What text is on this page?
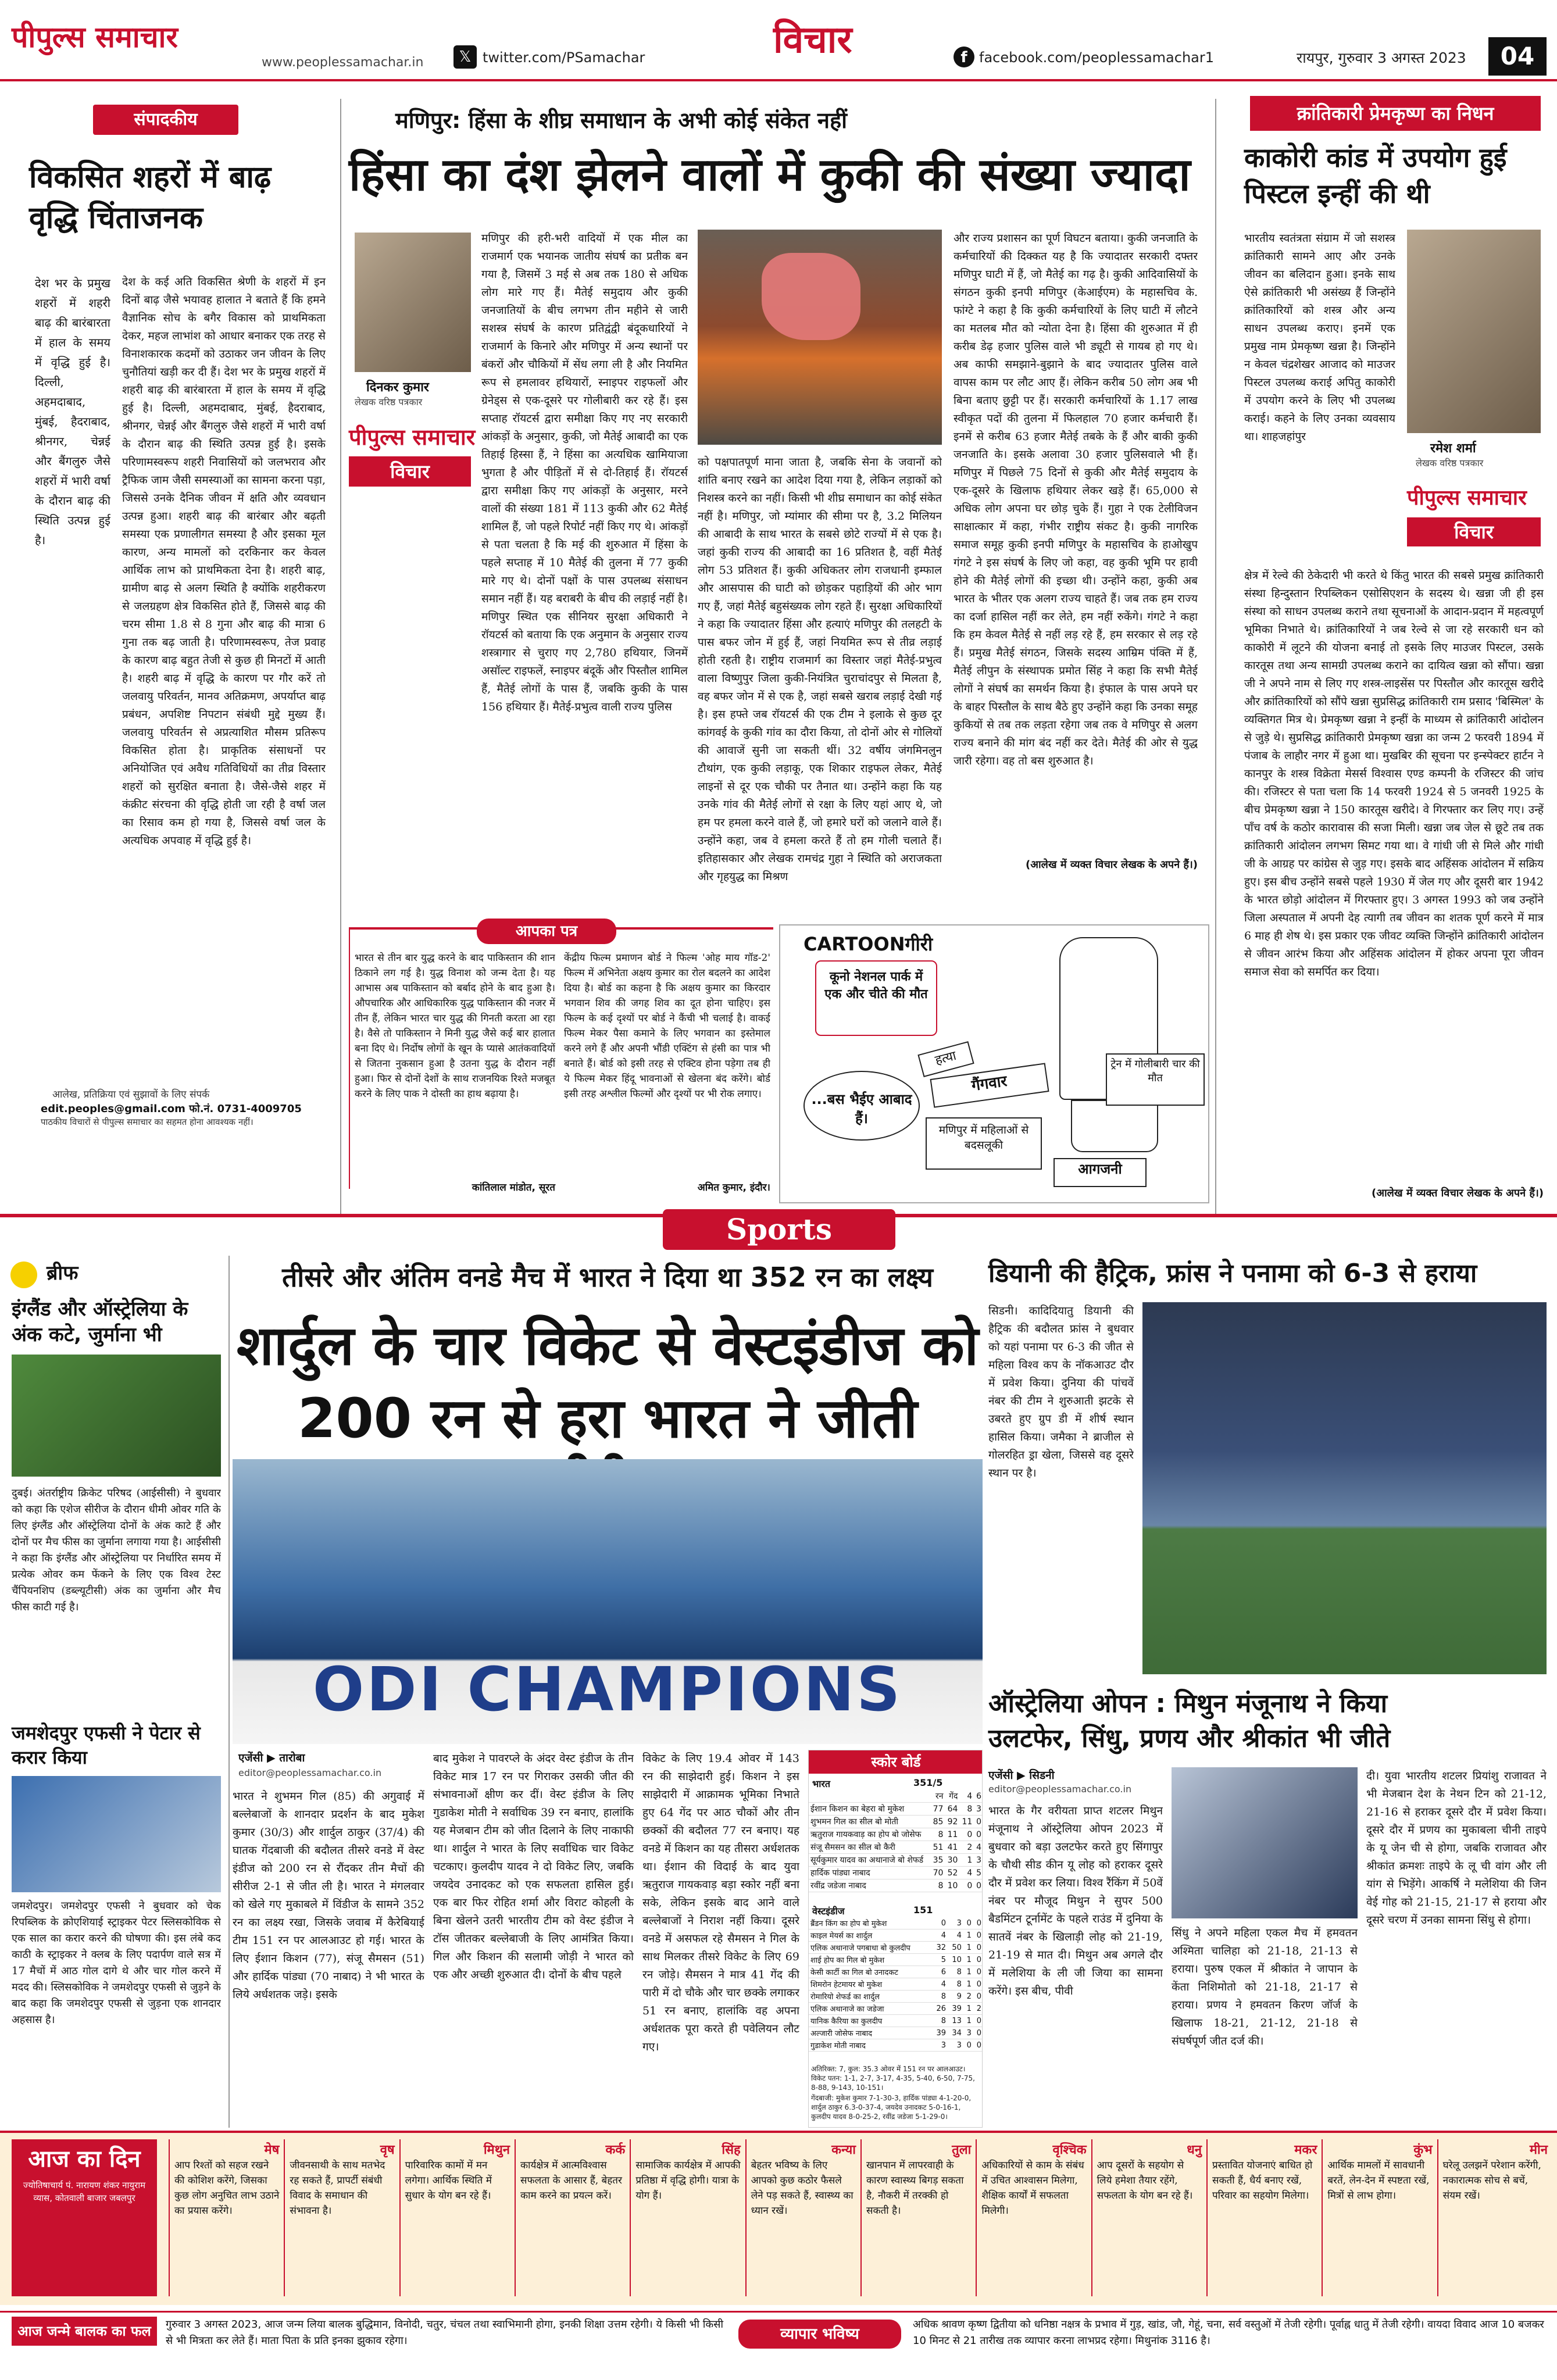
पीपुल्स समाचार
www.peoplessamachar.in	𝕏 twitter.com/PSamachar	विचार	f facebook.com/peoplessamachar1	रायपुर, गुरुवार 3 अगस्त 2023	04
संपादकीय
विकसित शहरों में बाढ़ वृद्धि चिंताजनक
देश भर के प्रमुख शहरों में शहरी बाढ़ की बारंबारता में हाल के समय में वृद्धि हुई है। दिल्ली, अहमदाबाद, मुंबई, हैदराबाद, श्रीनगर, चेन्नई और बैंगलुरु जैसे शहरों में भारी वर्षा के दौरान बाढ़ की स्थिति उत्पन्न हुई है।
देश के कई अति विकसित श्रेणी के शहरों में इन दिनों बाढ़ जैसे भयावह हालात ने बताते हैं कि हमने वैज्ञानिक सोच के बगैर विकास को प्राथमिकता देकर, महज लाभांश को आधार बनाकर एक तरह से विनाशकारक कदमों को उठाकर जन जीवन के लिए चुनौतियां खड़ी कर दी हैं। देश भर के प्रमुख शहरों में शहरी बाढ़ की बारंबारता में हाल के समय में वृद्धि हुई है। दिल्ली, अहमदाबाद, मुंबई, हैदराबाद, श्रीनगर, चेन्नई और बैंगलुरु जैसे शहरों में भारी वर्षा के दौरान बाढ़ की स्थिति उत्पन्न हुई है। इसके परिणामस्वरूप शहरी निवासियों को जलभराव और ट्रैफिक जाम जैसी समस्याओं का सामना करना पड़ा, जिससे उनके दैनिक जीवन में क्षति और व्यवधान उत्पन्न हुआ। शहरी बाढ़ की बारंबार और बढ़ती समस्या एक प्रणालीगत समस्या है और इसका मूल कारण, अन्य मामलों को दरकिनार कर केवल आर्थिक लाभ को प्राथमिकता देना है। शहरी बाढ़, ग्रामीण बाढ़ से अलग स्थिति है क्योंकि शहरीकरण से जलग्रहण क्षेत्र विकसित होते हैं, जिससे बाढ़ की चरम सीमा 1.8 से 8 गुना और बाढ़ की मात्रा 6 गुना तक बढ़ जाती है। परिणामस्वरूप, तेज प्रवाह के कारण बाढ़ बहुत तेजी से कुछ ही मिनटों में आती है। शहरी बाढ़ में वृद्धि के कारण पर गौर करें तो जलवायु परिवर्तन, मानव अतिक्रमण, अपर्याप्त बाढ़ प्रबंधन, अपशिष्ट निपटान संबंधी मुद्दे मुख्य हैं। जलवायु परिवर्तन से अप्रत्याशित मौसम प्रतिरूप विकसित होता है। प्राकृतिक संसाधनों पर अनियोजित एवं अवैध गतिविधियों का तीव्र विस्तार शहरों को सुरक्षित बनाता है। जैसे-जैसे शहर में कंक्रीट संरचना की वृद्धि होती जा रही है वर्षा जल का रिसाव कम हो गया है, जिससे वर्षा जल के अत्यधिक अपवाह में वृद्धि हुई है।
आलेख, प्रतिक्रिया एवं सुझावों के लिए संपर्क
edit.peoples@gmail.com फो.नं. 0731-4009705
पाठकीय विचारों से पीपुल्स समाचार का सहमत होना आवश्यक नहीं।
मणिपुर: हिंसा के शीघ्र समाधान के अभी कोई संकेत नहीं
हिंसा का दंश झेलने वालों में कुकी की संख्या ज्यादा
दिनकर कुमार
लेखक वरिष्ठ पत्रकार
पीपुल्स समाचार
विचार
मणिपुर की हरी-भरी वादियों में एक मील का राजमार्ग एक भयानक जातीय संघर्ष का प्रतीक बन गया है, जिसमें 3 मई से अब तक 180 से अधिक लोग मारे गए हैं। मैतेई समुदाय और कुकी जनजातियों के बीच लगभग तीन महीने से जारी सशस्त्र संघर्ष के कारण प्रतिद्वंद्वी बंदूकधारियों ने राजमार्ग के किनारे और मणिपुर में अन्य स्थानों पर बंकरों और चौकियों में सेंध लगा ली है और नियमित रूप से हमलावर हथियारों, स्नाइपर राइफलों और ग्रेनेड्स से एक-दूसरे पर गोलीबारी कर रहे हैं। इस सप्ताह रॉयटर्स द्वारा समीक्षा किए गए नए सरकारी आंकड़ों के अनुसार, कुकी, जो मैतेई आबादी का एक तिहाई हिस्सा हैं, ने हिंसा का अत्यधिक खामियाजा भुगता है और पीड़ितों में से दो-तिहाई हैं। रॉयटर्स द्वारा समीक्षा किए गए आंकड़ों के अनुसार, मरने वालों की संख्या 181 में 113 कुकी और 62 मैतेई शामिल हैं, जो पहले रिपोर्ट नहीं किए गए थे। आंकड़ों से पता चलता है कि मई की शुरुआत में हिंसा के पहले सप्ताह में 10 मैतेई की तुलना में 77 कुकी मारे गए थे। दोनों पक्षों के पास उपलब्ध संसाधन समान नहीं हैं। यह बराबरी के बीच की लड़ाई नहीं है। मणिपुर स्थित एक सीनियर सुरक्षा अधिकारी ने रॉयटर्स को बताया कि एक अनुमान के अनुसार राज्य शस्त्रागार से चुराए गए 2,780 हथियार, जिनमें असॉल्ट राइफलें, स्नाइपर बंदूकें और पिस्तौल शामिल हैं, मैतेई लोगों के पास हैं, जबकि कुकी के पास 156 हथियार हैं। मैतेई-प्रभुत्व वाली राज्य पुलिस
को पक्षपातपूर्ण माना जाता है, जबकि सेना के जवानों को शांति बनाए रखने का आदेश दिया गया है, लेकिन लड़ाकों को निशस्त्र करने का नहीं। किसी भी शीघ्र समाधान का कोई संकेत नहीं है। मणिपुर, जो म्यांमार की सीमा पर है, 3.2 मिलियन की आबादी के साथ भारत के सबसे छोटे राज्यों में से एक है। जहां कुकी राज्य की आबादी का 16 प्रतिशत है, वहीं मैतेई लोग 53 प्रतिशत हैं। कुकी अधिकतर लोग राजधानी इम्फाल और आसपास की घाटी को छोड़कर पहाड़ियों की ओर भाग गए हैं, जहां मैतेई बहुसंख्यक लोग रहते हैं। सुरक्षा अधिकारियों ने कहा कि ज्यादातर हिंसा और हत्याएं मणिपुर की तलहटी के पास बफर जोन में हुई हैं, जहां नियमित रूप से तीव्र लड़ाई होती रहती है। राष्ट्रीय राजमार्ग का विस्तार जहां मैतेई-प्रभुत्व वाला विष्णुपुर जिला कुकी-नियंत्रित चुराचांदपुर से मिलता है, वह बफर जोन में से एक है, जहां सबसे खराब लड़ाई देखी गई है। इस हफ्ते जब रॉयटर्स की एक टीम ने इलाके से कुछ दूर कांगवई के कुकी गांव का दौरा किया, तो दोनों ओर से गोलियों की आवाजें सुनी जा सकती थीं। 32 वर्षीय जंगमिनलुन टौथांग, एक कुकी लड़ाकू, एक शिकार राइफल लेकर, मैतेई लाइनों से दूर एक चौकी पर तैनात था। उन्होंने कहा कि यह उनके गांव की मैतेई लोगों से रक्षा के लिए यहां आए थे, जो हम पर हमला करने वाले हैं, जो हमारे घरों को जलाने वाले हैं। उन्होंने कहा, जब वे हमला करते हैं तो हम गोली चलाते हैं। इतिहासकार और लेखक रामचंद्र गुहा ने स्थिति को अराजकता और गृहयुद्ध का मिश्रण
और राज्य प्रशासन का पूर्ण विघटन बताया। कुकी जनजाति के कर्मचारियों की दिक्कत यह है कि ज्यादातर सरकारी दफ्तर मणिपुर घाटी में हैं, जो मैतेई का गढ़ है। कुकी आदिवासियों के संगठन कुकी इनपी मणिपुर (केआईएम) के महासचिव के. फांग्टे ने कहा है कि कुकी कर्मचारियों के लिए घाटी में लौटने का मतलब मौत को न्योता देना है। हिंसा की शुरुआत में ही करीब डेढ़ हजार पुलिस वाले भी ड्यूटी से गायब हो गए थे। अब काफी समझाने-बुझाने के बाद ज्यादातर पुलिस वाले वापस काम पर लौट आए हैं। लेकिन करीब 50 लोग अब भी बिना बताए छुट्टी पर हैं। सरकारी कर्मचारियों के 1.17 लाख स्वीकृत पदों की तुलना में फिलहाल 70 हजार कर्मचारी हैं। इनमें से करीब 63 हजार मैतेई तबके के हैं और बाकी कुकी जनजाति के। इसके अलावा 30 हजार पुलिसवाले भी हैं। मणिपुर में पिछले 75 दिनों से कुकी और मैतेई समुदाय के एक-दूसरे के खिलाफ हथियार लेकर खड़े हैं। 65,000 से अधिक लोग अपना घर छोड़ चुके हैं। गुहा ने एक टेलीविजन साक्षात्कार में कहा, गंभीर राष्ट्रीय संकट है। कुकी नागरिक समाज समूह कुकी इनपी मणिपुर के महासचिव के हाओखुप गंगटे ने इस संघर्ष के लिए जो कहा, वह कुकी भूमि पर हावी होने की मैतेई लोगों की इच्छा थी। उन्होंने कहा, कुकी अब भारत के भीतर एक अलग राज्य चाहते हैं। जब तक हम राज्य का दर्जा हासिल नहीं कर लेते, हम नहीं रुकेंगे। गंगटे ने कहा कि हम केवल मैतेई से नहीं लड़ रहे हैं, हम सरकार से लड़ रहे हैं। प्रमुख मैतेई संगठन, जिसके सदस्य आम्रिम पंक्ति में हैं, मैतेई लीपुन के संस्थापक प्रमोत सिंह ने कहा कि सभी मैतेई लोगों ने संघर्ष का समर्थन किया है। इंफाल के पास अपने घर के बाहर पिस्तौल के साथ बैठे हुए उन्होंने कहा कि उनका समूह कुकियों से तब तक लड़ता रहेगा जब तक वे मणिपुर से अलग राज्य बनाने की मांग बंद नहीं कर देते। मैतेई की ओर से युद्ध जारी रहेगा। वह तो बस शुरुआत है।
(आलेख में व्यक्त विचार लेखक के अपने हैं।)
क्रांतिकारी प्रेमकृष्ण का निधन
काकोरी कांड में उपयोग हुई पिस्टल इन्हीं की थी
भारतीय स्वतंत्रता संग्राम में जो सशस्त्र क्रांतिकारी सामने आए और उनके जीवन का बलिदान हुआ। इनके साथ ऐसे क्रांतिकारी भी असंख्य हैं जिन्होंने क्रांतिकारियों को शस्त्र और अन्य साधन उपलब्ध कराए। इनमें एक प्रमुख नाम प्रेमकृष्ण खन्ना है। जिन्होंने न केवल चंद्रशेखर आजाद को माउजर पिस्टल उपलब्ध कराई अपितु काकोरी में उपयोग करने के लिए भी उपलब्ध कराई। कहने के लिए उनका व्यवसाय था। शाहजहांपुर
रमेश शर्मा
लेखक वरिष्ठ पत्रकार
पीपुल्स समाचार
विचार
क्षेत्र में रेल्वे की ठेकेदारी भी करते थे किंतु भारत की सबसे प्रमुख क्रांतिकारी संस्था हिन्दुस्तान रिपब्लिकन एसोसिएशन के सदस्य थे। खन्ना जी ही इस संस्था को साधन उपलब्ध कराने तथा सूचनाओं के आदान-प्रदान में महत्वपूर्ण भूमिका निभाते थे। क्रांतिकारियों ने जब रेल्वे से जा रहे सरकारी धन को काकोरी में लूटने की योजना बनाई तो इसके लिए माउजर पिस्टल, उसके कारतूस तथा अन्य सामग्री उपलब्ध कराने का दायित्व खन्ना को सौंपा। खन्ना जी ने अपने नाम से लिए गए शस्त्र-लाइसेंस पर पिस्तौल और कारतूस खरीदे और क्रांतिकारियों को सौंपे खन्ना सुप्रसिद्ध क्रांतिकारी राम प्रसाद 'बिस्मिल' के व्यक्तिगत मित्र थे। प्रेमकृष्ण खन्ना ने इन्हीं के माध्यम से क्रांतिकारी आंदोलन से जुड़े थे। सुप्रसिद्ध क्रांतिकारी प्रेमकृष्ण खन्ना का जन्म 2 फरवरी 1894 में पंजाब के लाहौर नगर में हुआ था। मुखबिर की सूचना पर इन्स्पेक्टर हार्टन ने कानपुर के शस्त्र विक्रेता मेसर्स विश्वास एण्ड कम्पनी के रजिस्टर की जांच की। रजिस्टर से पता चला कि 14 फरवरी 1924 से 5 जनवरी 1925 के बीच प्रेमकृष्ण खन्ना ने 150 कारतूस खरीदे। वे गिरफ्तार कर लिए गए। उन्हें पाँच वर्ष के कठोर कारावास की सजा मिली। खन्ना जब जेल से छूटे तब तक क्रांतिकारी आंदोलन लगभग सिमट गया था। वे गांधी जी से मिले और गांधी जी के आग्रह पर कांग्रेस से जुड़ गए। इसके बाद अहिंसक आंदोलन में सक्रिय हुए। इस बीच उन्होंने सबसे पहले 1930 में जेल गए और दूसरी बार 1942 के भारत छोड़ो आंदोलन में गिरफ्तार हुए। 3 अगस्त 1993 को जब उन्होंने जिला अस्पताल में अपनी देह त्यागी तब जीवन का शतक पूर्ण करने में मात्र 6 माह ही शेष थे। इस प्रकार एक जीवट व्यक्ति जिन्होंने क्रांतिकारी आंदोलन से जीवन आरंभ किया और अहिंसक आंदोलन में होकर अपना पूरा जीवन समाज सेवा को समर्पित कर दिया।
(आलेख में व्यक्त विचार लेखक के अपने हैं।)
आपका पत्र
भारत से तीन बार युद्ध करने के बाद पाकिस्तान की शान ठिकाने लग गई है। युद्ध विनाश को जन्म देता है। यह आभास अब पाकिस्तान को बर्बाद होने के बाद हुआ है। औपचारिक और आधिकारिक युद्ध पाकिस्तान की नजर में तीन हैं, लेकिन भारत चार युद्ध की गिनती करता आ रहा है। वैसे तो पाकिस्तान ने मिनी युद्ध जैसे कई बार हालात बना दिए थे। निर्दोष लोगों के खून के प्यासे आतंकवादियों से जितना नुकसान हुआ है उतना युद्ध के दौरान नहीं हुआ। फिर से दोनों देशों के साथ राजनयिक रिश्ते मजबूत करने के लिए पाक ने दोस्ती का हाथ बढ़ाया है।
कांतिलाल मांडोत, सूरत
केंद्रीय फिल्म प्रमाणन बोर्ड ने फिल्म 'ओह माय गॉड-2' फिल्म में अभिनेता अक्षय कुमार का रोल बदलने का आदेश दिया है। बोर्ड का कहना है कि अक्षय कुमार का किरदार भगवान शिव की जगह शिव का दूत होना चाहिए। इस फिल्म के कई दृश्यों पर बोर्ड ने कैंची भी चलाई है। वाकई फिल्म मेकर पैसा कमाने के लिए भगवान का इस्तेमाल करने लगे हैं और अपनी भौंडी एक्टिंग से हंसी का पात्र भी बनाते हैं। बोर्ड को इसी तरह से एक्टिव होना पड़ेगा तब ही ये फिल्म मेकर हिंदू भावनाओं से खेलना बंद करेंगे। बोर्ड इसी तरह अश्लील फिल्मों और दृश्यों पर भी रोक लगाए।
अमित कुमार, इंदौर।
CARTOONगीरी
कूनो नेशनल पार्क में एक और चीते की मौत
...बस भैईए आबाद हैं।
गैंगवार
हत्या
मणिपुर में महिलाओं से बदसलूकी
आगजनी
ट्रेन में गोलीबारी चार की मौत
Sports
ब्रीफ
इंग्लैंड और ऑस्ट्रेलिया के अंक कटे, जुर्माना भी
दुबई। अंतर्राष्ट्रीय क्रिकेट परिषद (आईसीसी) ने बुधवार को कहा कि एशेज सीरीज के दौरान धीमी ओवर गति के लिए इंग्लैंड और ऑस्ट्रेलिया दोनों के अंक काटे हैं और दोनों पर मैच फीस का जुर्माना लगाया गया है। आईसीसी ने कहा कि इंग्लैंड और ऑस्ट्रेलिया पर निर्धारित समय में प्रत्येक ओवर कम फेंकने के लिए एक विश्व टेस्ट चैंपियनशिप (डब्ल्यूटीसी) अंक का जुर्माना और मैच फीस काटी गई है।
जमशेदपुर एफसी ने पेटार से करार किया
जमशेदपुर। जमशेदपुर एफसी ने बुधवार को चेक रिपब्लिक के क्रोएशियाई स्ट्राइकर पेटर स्लिसकोविक से एक साल का करार करने की घोषणा की। इस लंबे कद काठी के स्ट्राइकर ने क्लब के लिए पदार्पण वाले सत्र में 17 मैचों में आठ गोल दागे थे और चार गोल करने में मदद की। स्लिसकोविक ने जमशेदपुर एफसी से जुड़ने के बाद कहा कि जमशेदपुर एफसी से जुड़ना एक शानदार अहसास है।
तीसरे और अंतिम वनडे मैच में भारत ने दिया था 352 रन का लक्ष्य
शार्दुल के चार विकेट से वेस्टइंडीज को
200 रन से हरा भारत ने जीती
ODI CHAMPIONS
एजेंसी ▶ तारोबा
editor@peoplessamachar.co.in
भारत ने शुभमन गिल (85) की अगुवाई में बल्लेबाजों के शानदार प्रदर्शन के बाद मुकेश कुमार (30/3) और शार्दुल ठाकुर (37/4) की घातक गेंदबाजी की बदौलत तीसरे वनडे में वेस्ट इंडीज को 200 रन से रौंदकर तीन मैचों की सीरीज 2-1 से जीत ली है। भारत ने मंगलवार को खेले गए मुकाबले में विंडीज के सामने 352 रन का लक्ष्य रखा, जिसके जवाब में कैरेबियाई टीम 151 रन पर आलआउट हो गई। भारत के लिए ईशान किशन (77), संजू सैमसन (51) और हार्दिक पांड्या (70 नाबाद) ने भी भारत के लिये अर्धशतक जड़े। इसके
बाद मुकेश ने पावरप्ले के अंदर वेस्ट इंडीज के तीन विकेट मात्र 17 रन पर गिराकर उसकी जीत की संभावनाओं क्षीण कर दीं। वेस्ट इंडीज के लिए गुडाकेश मोती ने सर्वाधिक 39 रन बनाए, हालांकि यह मेजबान टीम को जीत दिलाने के लिए नाकाफी था। शार्दुल ने भारत के लिए सर्वाधिक चार विकेट चटकाए। कुलदीप यादव ने दो विकेट लिए, जबकि जयदेव उनादकट को एक सफलता हासिल हुई। एक बार फिर रोहित शर्मा और विराट कोहली के बिना खेलने उतरी भारतीय टीम को वेस्ट इंडीज ने टॉस जीतकर बल्लेबाजी के लिए आमंत्रित किया। गिल और किशन की सलामी जोड़ी ने भारत को एक और अच्छी शुरुआत दी। दोनों के बीच पहले
विकेट के लिए 19.4 ओवर में 143 रन की साझेदारी हुई। किशन ने इस साझेदारी में आक्रामक भूमिका निभाते हुए 64 गेंद पर आठ चौकों और तीन छक्कों की बदौलत 77 रन बनाए। यह वनडे में किशन का यह तीसरा अर्धशतक था। ईशान की विदाई के बाद युवा ऋतुराज गायकवाड़ बड़ा स्कोर नहीं बना सके, लेकिन इसके बाद आने वाले बल्लेबाजों ने निराश नहीं किया। दूसरे वनडे में असफल रहे सैमसन ने गिल के साथ मिलकर तीसरे विकेट के लिए 69 रन जोड़े। सैमसन ने मात्र 41 गेंद की पारी में दो चौके और चार छक्के लगाकर 51 रन बनाए, हालांकि वह अपना अर्धशतक पूरा करते ही पवेलियन लौट गए।
स्कोर बोर्ड
भारत	351/5
	रन	गेंद	4	6
ईशान किशन का बेहरा बो मुकेश	77	64	8	3
शुभमन गिल का सील बो मोती	85	92	11	0
ऋतुराज गायकवाड़ का होप बो जोसेफ	8	11	0	0
संजू सैमसन का सील बो कैरी	51	41	2	4
सूर्यकुमार यादव का अथानाजे बो शेफर्ड	35	30	1	3
हार्दिक पांड्या नाबाद	70	52	4	5
रवींद्र जडेजा नाबाद	8	10	0	0
वेस्टइंडीज	151
ब्रैंडन किंग का होप बो मुकेश	0	3	0	0
काइल मेयर्स का शार्दुल	4	4	1	0
एलिक अथानाजे पगबाधा बो कुलदीप	32	50	1	0
शाई होप का गिल बो मुकेश	5	10	1	0
केसी कार्टी का गिल बो उनादकट	6	8	1	0
शिमरोन हेटमायर बो मुकेश	4	8	1	0
रोमारियो शेफर्ड का शार्दुल	8	9	2	0
एलिक अथानाजे का जडेजा	26	39	1	2
यानिक कैरिया का कुलदीप	8	13	1	0
अल्जारी जोसेफ नाबाद	39	34	3	0
गुडाकेश मोती नाबाद	3	3	0	0
अतिरिक्त: 7, कुल: 35.3 ओवर में 151 रन पर आलआउट। विकेट पतन: 1-1, 2-7, 3-17, 4-35, 5-40, 6-50, 7-75, 8-88, 9-143, 10-151।
गेंदबाजी: मुकेश कुमार 7-1-30-3, हार्दिक पांड्या 4-1-20-0, शार्दुल ठाकुर 6.3-0-37-4, जयदेव उनादकट 5-0-16-1, कुलदीप यादव 8-0-25-2, रवींद्र जडेजा 5-1-29-0।
डियानी की हैट्रिक, फ्रांस ने पनामा को 6-3 से हराया
सिडनी। कादिदियातु डियानी की हैट्रिक की बदौलत फ्रांस ने बुधवार को यहां पनामा पर 6-3 की जीत से महिला विश्व कप के नॉकआउट दौर में प्रवेश किया। दुनिया की पांचवें नंबर की टीम ने शुरुआती झटके से उबरते हुए ग्रुप डी में शीर्ष स्थान हासिल किया। जमैका ने ब्राजील से गोलरहित ड्रा खेला, जिससे वह दूसरे स्थान पर है।
ऑस्ट्रेलिया ओपन : मिथुन मंजूनाथ ने किया
उलटफेर, सिंधु, प्रणय और श्रीकांत भी जीते
एजेंसी ▶ सिडनी
editor@peoplessamachar.co.in
भारत के गैर वरीयता प्राप्त शटलर मिथुन मंजूनाथ ने ऑस्ट्रेलिया ओपन 2023 में बुधवार को बड़ा उलटफेर करते हुए सिंगापुर के चौथी सीड कीन यू लोह को हराकर दूसरे दौर में प्रवेश कर लिया। विश्व रैंकिंग में 50वें नंबर पर मौजूद मिथुन ने सुपर 500 बैडमिंटन टूर्नामेंट के पहले राउंड में दुनिया के सातवें नंबर के खिलाड़ी लोह को 21-19, 21-19 से मात दी। मिथुन अब अगले दौर में मलेशिया के ली जी जिया का सामना करेंगे। इस बीच, पीवी
सिंधु ने अपने महिला एकल मैच में हमवतन अश्मिता चालिहा को 21-18, 21-13 से हराया। पुरुष एकल में श्रीकांत ने जापान के केंता निशिमोतो को 21-18, 21-17 से हराया। प्रणय ने हमवतन किरण जॉर्ज के खिलाफ 18-21, 21-12, 21-18 से संघर्षपूर्ण जीत दर्ज की।
दी। युवा भारतीय शटलर प्रियांशु राजावत ने भी मेजबान देश के नेथन टिन को 21-12, 21-16 से हराकर दूसरे दौर में प्रवेश किया। दूसरे दौर में प्रणय का मुकाबला चीनी ताइपे के यू जेन ची से होगा, जबकि राजावत और श्रीकांत क्रमशः ताइपे के लू ची वांग और ली यांग से भिड़ेंगे। आकर्षि ने मलेशिया की जिन वेई गोह को 21-15, 21-17 से हराया और दूसरे चरण में उनका सामना सिंधु से होगा।
आज का दिन
ज्योतिषाचार्य पं. नारायण शंकर नायुराम व्यास, कोतवाली बाजार जबलपुर
मेष
आप रिश्तों को सहज रखने की कोशिश करेंगे, जिसका कुछ लोग अनुचित लाभ उठाने का प्रयास करेंगे।
वृष
जीवनसाथी के साथ मतभेद रह सकते हैं, प्रापर्टी संबंधी विवाद के समाधान की संभावना है।
मिथुन
पारिवारिक कामों में मन लगेगा। आर्थिक स्थिति में सुधार के योग बन रहे हैं।
कर्क
कार्यक्षेत्र में आत्मविश्वास सफलता के आसार हैं, बेहतर काम करने का प्रयत्न करें।
सिंह
सामाजिक कार्यक्षेत्र में आपकी प्रतिष्ठा में वृद्धि होगी। यात्रा के योग हैं।
कन्या
बेहतर भविष्य के लिए आपको कुछ कठोर फैसले लेने पड़ सकते हैं, स्वास्थ्य का ध्यान रखें।
तुला
खानपान में लापरवाही के कारण स्वास्थ्य बिगड़ सकता है, नौकरी में तरक्की हो सकती है।
वृश्चिक
अधिकारियों से काम के संबंध में उचित आश्वासन मिलेगा, शैक्षिक कार्यों में सफलता मिलेगी।
धनु
आप दूसरों के सहयोग से लिये हमेशा तैयार रहेंगे, सफलता के योग बन रहे हैं।
मकर
प्रस्तावित योजनाएं बाधित हो सकती हैं, धैर्य बनाए रखें, परिवार का सहयोग मिलेगा।
कुंभ
आर्थिक मामलों में सावधानी बरतें, लेन-देन में स्पष्टता रखें, मित्रों से लाभ होगा।
मीन
घरेलू उलझनें परेशान करेंगी, नकारात्मक सोच से बचें, संयम रखें।
आज जन्मे बालक का फल	गुरुवार 3 अगस्त 2023, आज जन्म लिया बालक बुद्धिमान, विनोदी, चतुर, चंचल तथा स्वाभिमानी होगा, इनकी शिक्षा उत्तम रहेगी। ये किसी भी किसी से भी मित्रता कर लेते हैं। माता पिता के प्रति इनका झुकाव रहेगा।	व्यापार भविष्य
अधिक श्रावण कृष्ण द्वितीया को धनिष्ठा नक्षत्र के प्रभाव में गुड़, खांड, जौ, गेहूं, चना, सर्व वस्तुओं में तेजी रहेगी। पूर्वाह्न धातु में तेजी रहेगी। वायदा विवाद आज 10 बजकर 10 मिनट से 21 तारीख तक व्यापार करना लाभप्रद रहेगा। मिथुनांक 3116 है।
